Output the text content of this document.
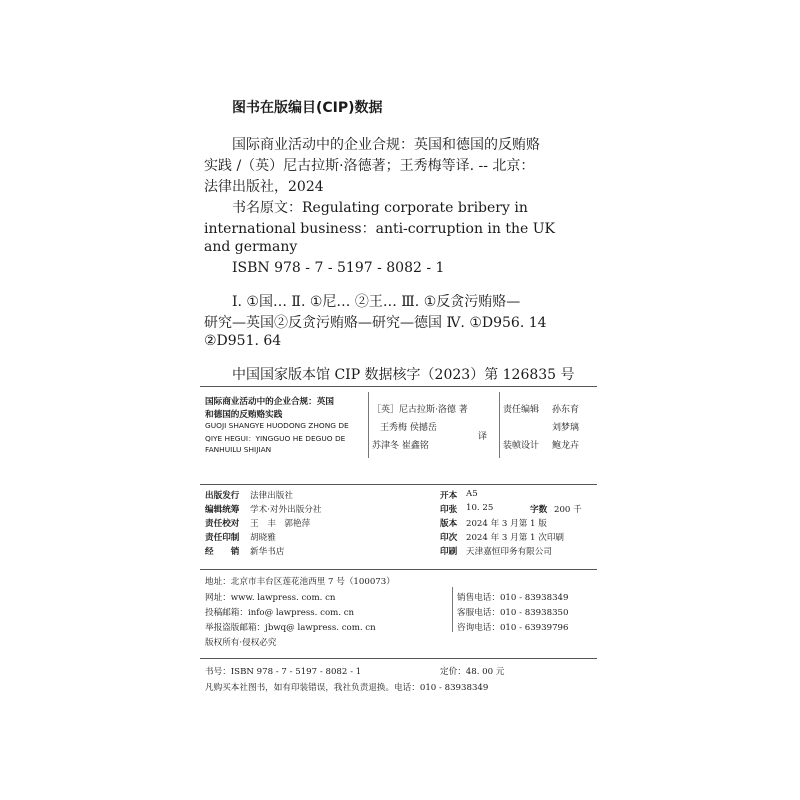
图书在版编目(CIP)数据
国际商业活动中的企业合规：英国和德国的反贿赂
实践 /（英）尼古拉斯·洛德著；王秀梅等译. -- 北京：
法律出版社，2024
书名原文：Regulating corporate bribery in
international business：anti-corruption in the UK
and germany
ISBN 978 - 7 - 5197 - 8082 - 1
Ⅰ. ①国… Ⅱ. ①尼… ②王… Ⅲ. ①反贪污贿赂—
研究—英国②反贪污贿赂—研究—德国 Ⅳ. ①D956. 14
②D951. 64
中国国家版本馆 CIP 数据核字（2023）第 126835 号
国际商业活动中的企业合规：英国
和德国的反贿赂实践
GUOJI SHANGYE HUODONG ZHONG DE
QIYE HEGUI：YINGGUO HE DEGUO DE
FANHUILU SHIJIAN
［英］尼古拉斯·洛德 著
王秀梅 侯撼岳
苏津冬 崔鑫铭
译
责任编辑 孙东育
刘梦璃
装帧设计 鲍龙卉
出版发行 法律出版社
编辑统筹 学术·对外出版分社
责任校对 王　丰　郭艳萍
责任印制 胡晓雅
经　　销 新华书店
开本 A5
印张 10. 25	字数 200 千
版本 2024 年 3 月第 1 版
印次 2024 年 3 月第 1 次印刷
印刷 天津嘉恒印务有限公司
地址：北京市丰台区莲花池西里 7 号（100073）
网址：www. lawpress. com. cn
投稿邮箱：info@ lawpress. com. cn
举报盗版邮箱：jbwq@ lawpress. com. cn
版权所有·侵权必究
销售电话：010 - 83938349
客服电话：010 - 83938350
咨询电话：010 - 63939796
书号：ISBN 978 - 7 - 5197 - 8082 - 1	定价：48. 00 元
凡购买本社图书，如有印装错误，我社负责退换。电话：010 - 83938349
